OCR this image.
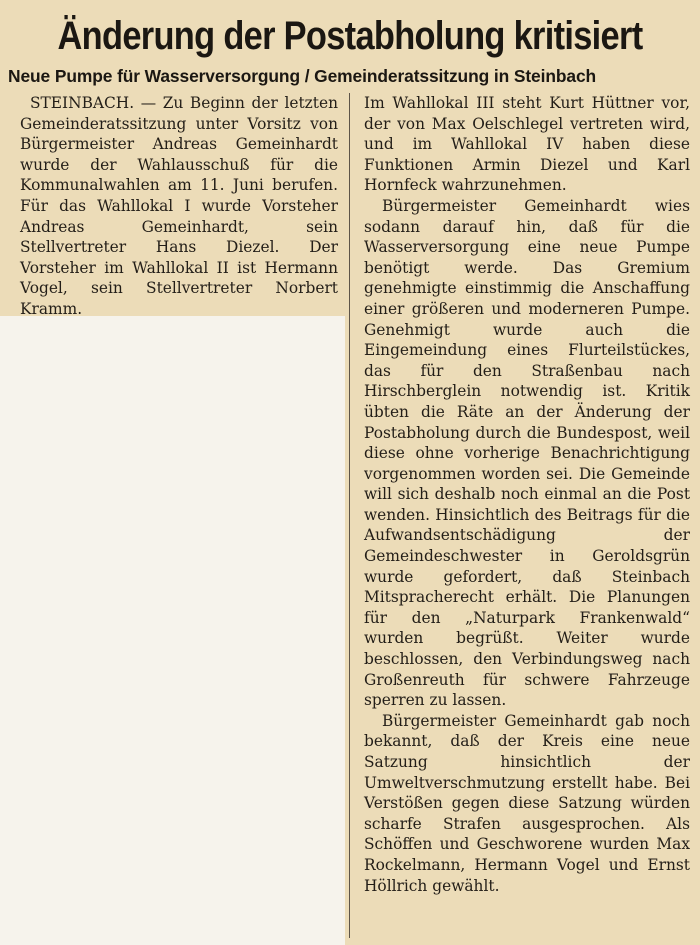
Änderung der Postabholung kritisiert
Neue Pumpe für Wasserversorgung / Gemeinderatssitzung in Steinbach

STEINBACH. — Zu Beginn der letzten Gemeinderatssitzung unter Vorsitz von Bürgermeister Andreas Gemeinhardt wurde der Wahlausschuß für die Kommunalwahlen am 11. Juni berufen. Für das Wahllokal I wurde Vorsteher Andreas Gemeinhardt, sein Stellvertreter Hans Diezel. Der Vorsteher im Wahllokal II ist Hermann Vogel, sein Stellvertreter Norbert Kramm.

Im Wahllokal III steht Kurt Hüttner vor, der von Max Oelschlegel vertreten wird, und im Wahllokal IV haben diese Funktionen Armin Diezel und Karl Hornfeck wahrzunehmen.

Bürgermeister Gemeinhardt wies sodann darauf hin, daß für die Wasserversorgung eine neue Pumpe benötigt werde. Das Gremium genehmigte einstimmig die Anschaffung einer größeren und moderneren Pumpe. Genehmigt wurde auch die Eingemeindung eines Flurteilstückes, das für den Straßenbau nach Hirschberglein notwendig ist. Kritik übten die Räte an der Änderung der Postabholung durch die Bundespost, weil diese ohne vorherige Benachrichtigung vorgenommen worden sei. Die Gemeinde will sich deshalb noch einmal an die Post wenden. Hinsichtlich des Beitrags für die Aufwandsentschädigung der Gemeindeschwester in Geroldsgrün wurde gefordert, daß Steinbach Mitspracherecht erhält. Die Planungen für den „Naturpark Frankenwald“ wurden begrüßt. Weiter wurde beschlossen, den Verbindungsweg nach Großenreuth für schwere Fahrzeuge sperren zu lassen.

Bürgermeister Gemeinhardt gab noch bekannt, daß der Kreis eine neue Satzung hinsichtlich der Umweltverschmutzung erstellt habe. Bei Verstößen gegen diese Satzung würden scharfe Strafen ausgesprochen. Als Schöffen und Geschworene wurden Max Rockelmann, Hermann Vogel und Ernst Höllrich gewählt.
